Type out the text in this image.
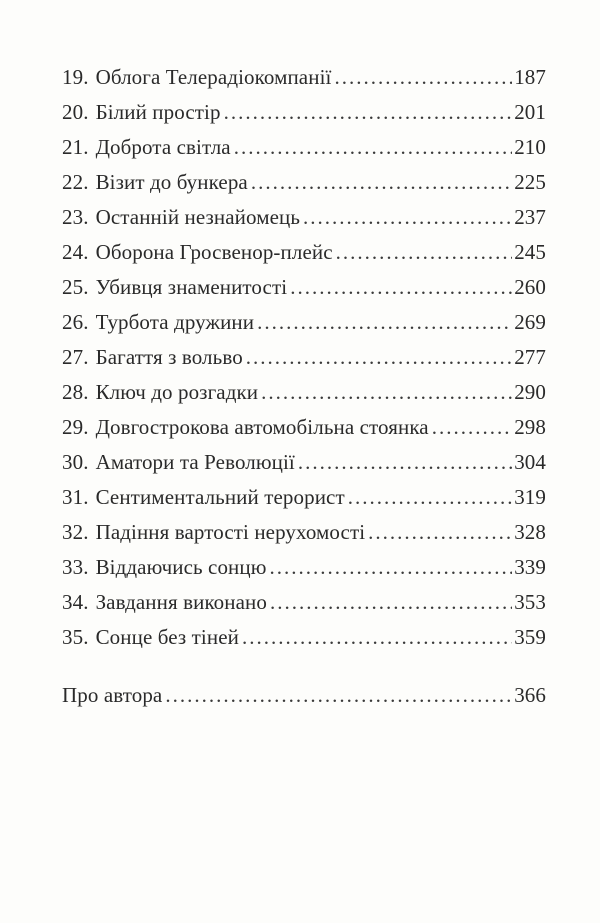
19. Облога Телерадіокомпанії .....	187
20. Білий простір .....	201
21. Доброта світла .....	210
22. Візит до бункера .....	225
23. Останній незнайомець .....	237
24. Оборона Гросвенор-плейс .....	245
25. Убивця знаменитості .....	260
26. Турбота дружини .....	269
27. Багаття з вольво .....	277
28. Ключ до розгадки .....	290
29. Довгострокова автомобільна стоянка .....	298
30. Аматори та Революції .....	304
31. Сентиментальний терорист .....	319
32. Падіння вартості нерухомості .....	328
33. Віддаючись сонцю .....	339
34. Завдання виконано .....	353
35. Сонце без тіней .....	359
Про автора .....	366
